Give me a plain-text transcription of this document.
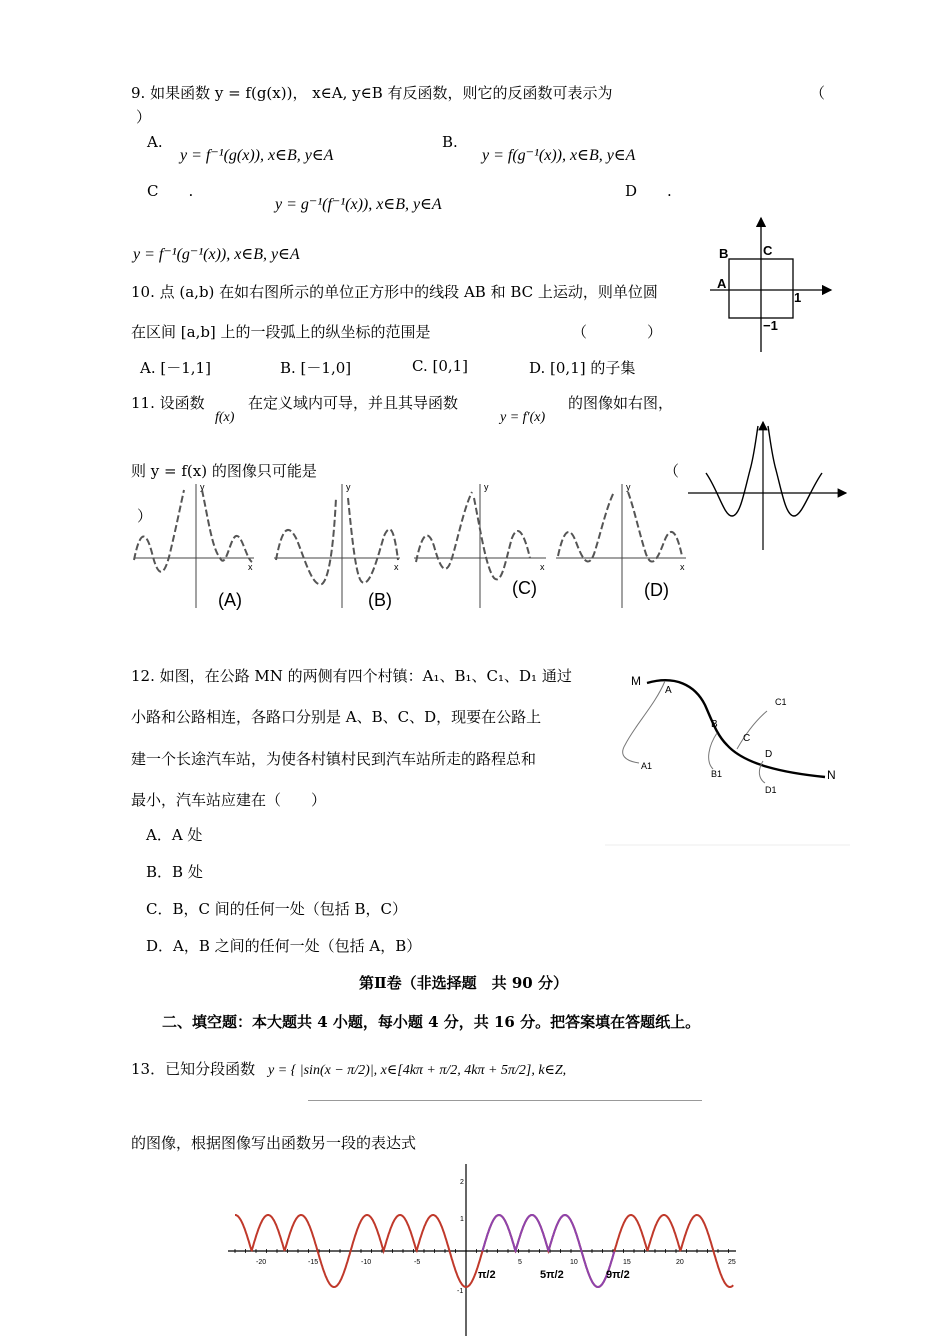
9. 如果函数 y = f(g(x))， x∈A, y∈B 有反函数，则它的反函数可表示为	（
）
A.
y = f⁻¹(g(x)), x∈B, y∈A
B.
y = f(g⁻¹(x)), x∈B, y∈A
C　　.
y = g⁻¹(f⁻¹(x)), x∈B, y∈A
D　　.
y = f⁻¹(g⁻¹(x)), x∈B, y∈A	B	C
A
1
−1
10. 点 (a,b) 在如右图所示的单位正方形中的线段 AB 和 BC 上运动，则单位圆
在区间 [a,b] 上的一段弧上的纵坐标的范围是	（　　　　）
A. [－1,1]	B. [－1,0]	C. [0,1]	D. [0,1] 的子集
11. 设函数
f(x)
在定义域内可导，并且其导函数
y = f′(x)
的图像如右图，
则 y = f(x) 的图像只可能是	（
）
y
x
(A)
y
x
(B)
y
x
(C)
y
x
(D)
12. 如图，在公路 MN 的两侧有四个村镇：A₁、B₁、C₁、D₁ 通过
小路和公路相连，各路口分别是 A、B、C、D，现要在公路上
建一个长途汽车站，为使各村镇村民到汽车站所走的路程总和
最小，汽车站应建在（　　）
A．A 处
B．B 处
C．B，C 间的任何一处（包括 B，C）
D．A，B 之间的任何一处（包括 A，B）
M
N
A
B
C
D
A1
B1
C1
D1
第Ⅱ卷（非选择题　共 90 分）
二、填空题：本大题共 4 小题，每小题 4 分，共 16 分。把答案填在答题纸上。
13．已知分段函数 y = { |sin(x − π/2)|, x∈[4kπ + π/2, 4kπ + 5π/2], k∈Z,
的图像，根据图像写出函数另一段的表达式
-20	-15	-10	-5	5	10	15	20	25
2
1
-1
π/2	5π/2	9π/2
